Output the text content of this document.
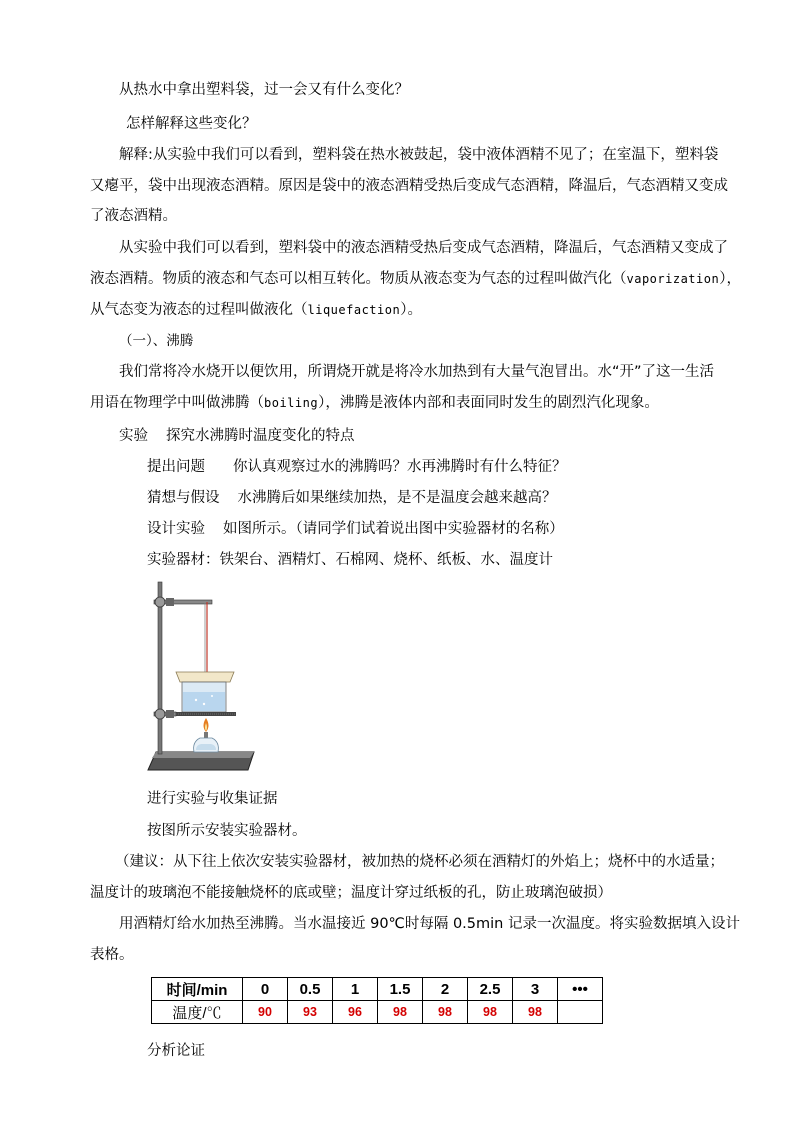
从热水中拿出塑料袋，过一会又有什么变化？
怎样解释这些变化？
解释:从实验中我们可以看到，塑料袋在热水被鼓起，袋中液体酒精不见了；在室温下，塑料袋
又瘪平，袋中出现液态酒精。原因是袋中的液态酒精受热后变成气态酒精，降温后，气态酒精又变成
了液态酒精。
从实验中我们可以看到，塑料袋中的液态酒精受热后变成气态酒精，降温后，气态酒精又变成了
液态酒精。物质的液态和气态可以相互转化。物质从液态变为气态的过程叫做汽化（vaporization），
从气态变为液态的过程叫做液化（liquefaction）。
（一）、沸腾
我们常将冷水烧开以便饮用，所谓烧开就是将冷水加热到有大量气泡冒出。水“开”了这一生活
用语在物理学中叫做沸腾（boiling），沸腾是液体内部和表面同时发生的剧烈汽化现象。
实验 探究水沸腾时温度变化的特点
提出问题 你认真观察过水的沸腾吗？水再沸腾时有什么特征？
猜想与假设 水沸腾后如果继续加热，是不是温度会越来越高？
设计实验 如图所示。（请同学们试着说出图中实验器材的名称）
实验器材：铁架台、酒精灯、石棉网、烧杯、纸板、水、温度计
进行实验与收集证据
按图所示安装实验器材。
（建议：从下往上依次安装实验器材，被加热的烧杯必须在酒精灯的外焰上；烧杯中的水适量；
温度计的玻璃泡不能接触烧杯的底或壁；温度计穿过纸板的孔，防止玻璃泡破损）
用酒精灯给水加热至沸腾。当水温接近 90℃时每隔 0.5min 记录一次温度。将实验数据填入设计
表格。
时间/min	0	0.5	1	1.5	2	2.5	3	•••
温度/℃	90	93	96	98	98	98	98	
分析论证
